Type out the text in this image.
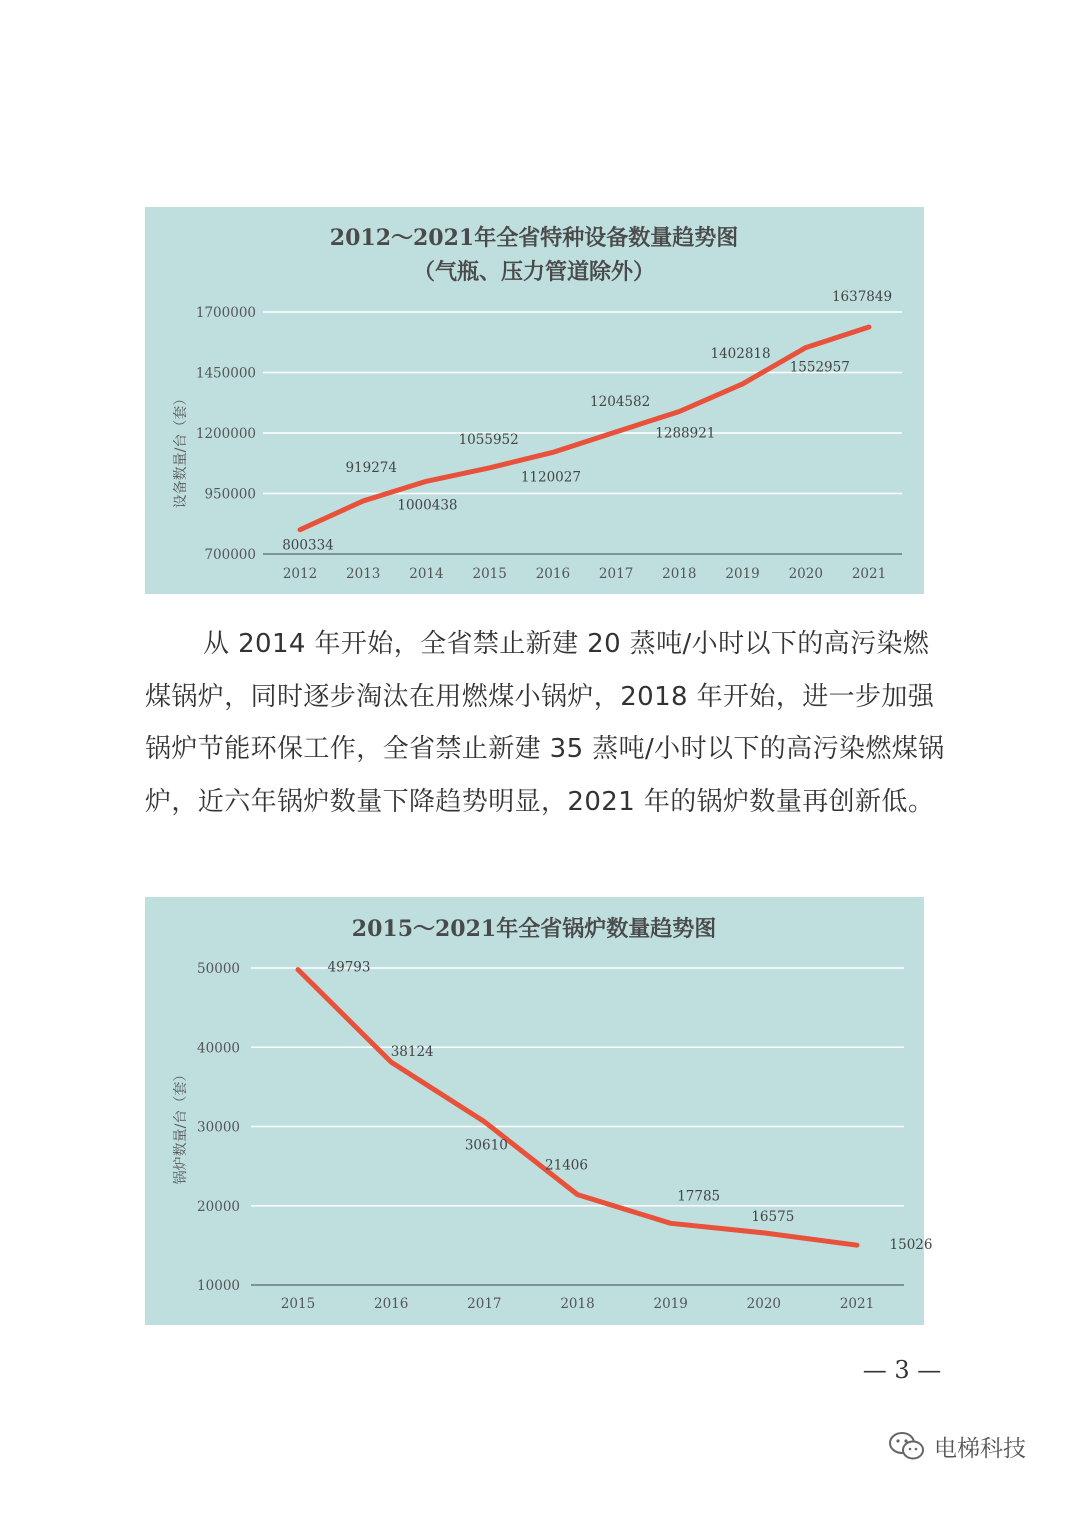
2012～2021年全省特种设备数量趋势图
（气瓶、压力管道除外）
设备数量/台（套）
700000
950000
1200000
1450000
1700000
2012 2013 2014 2015 2016 2017 2018 2019 2020 2021
800334
919274
1000438
1055952
1120027
1204582
1288921
1402818
1552957
1637849

从 2014 年开始，全省禁止新建 20 蒸吨/小时以下的高污染燃煤锅炉，同时逐步淘汰在用燃煤小锅炉，2018 年开始，进一步加强锅炉节能环保工作，全省禁止新建 35 蒸吨/小时以下的高污染燃煤锅炉，近六年锅炉数量下降趋势明显，2021 年的锅炉数量再创新低。

2015～2021年全省锅炉数量趋势图
锅炉数量/台（套）
10000
20000
30000
40000
50000
2015	2016	2017	2018	2019	2020	2021
49793
38124
30610
21406
17785
16575
15026
— 3 —
电梯科技
